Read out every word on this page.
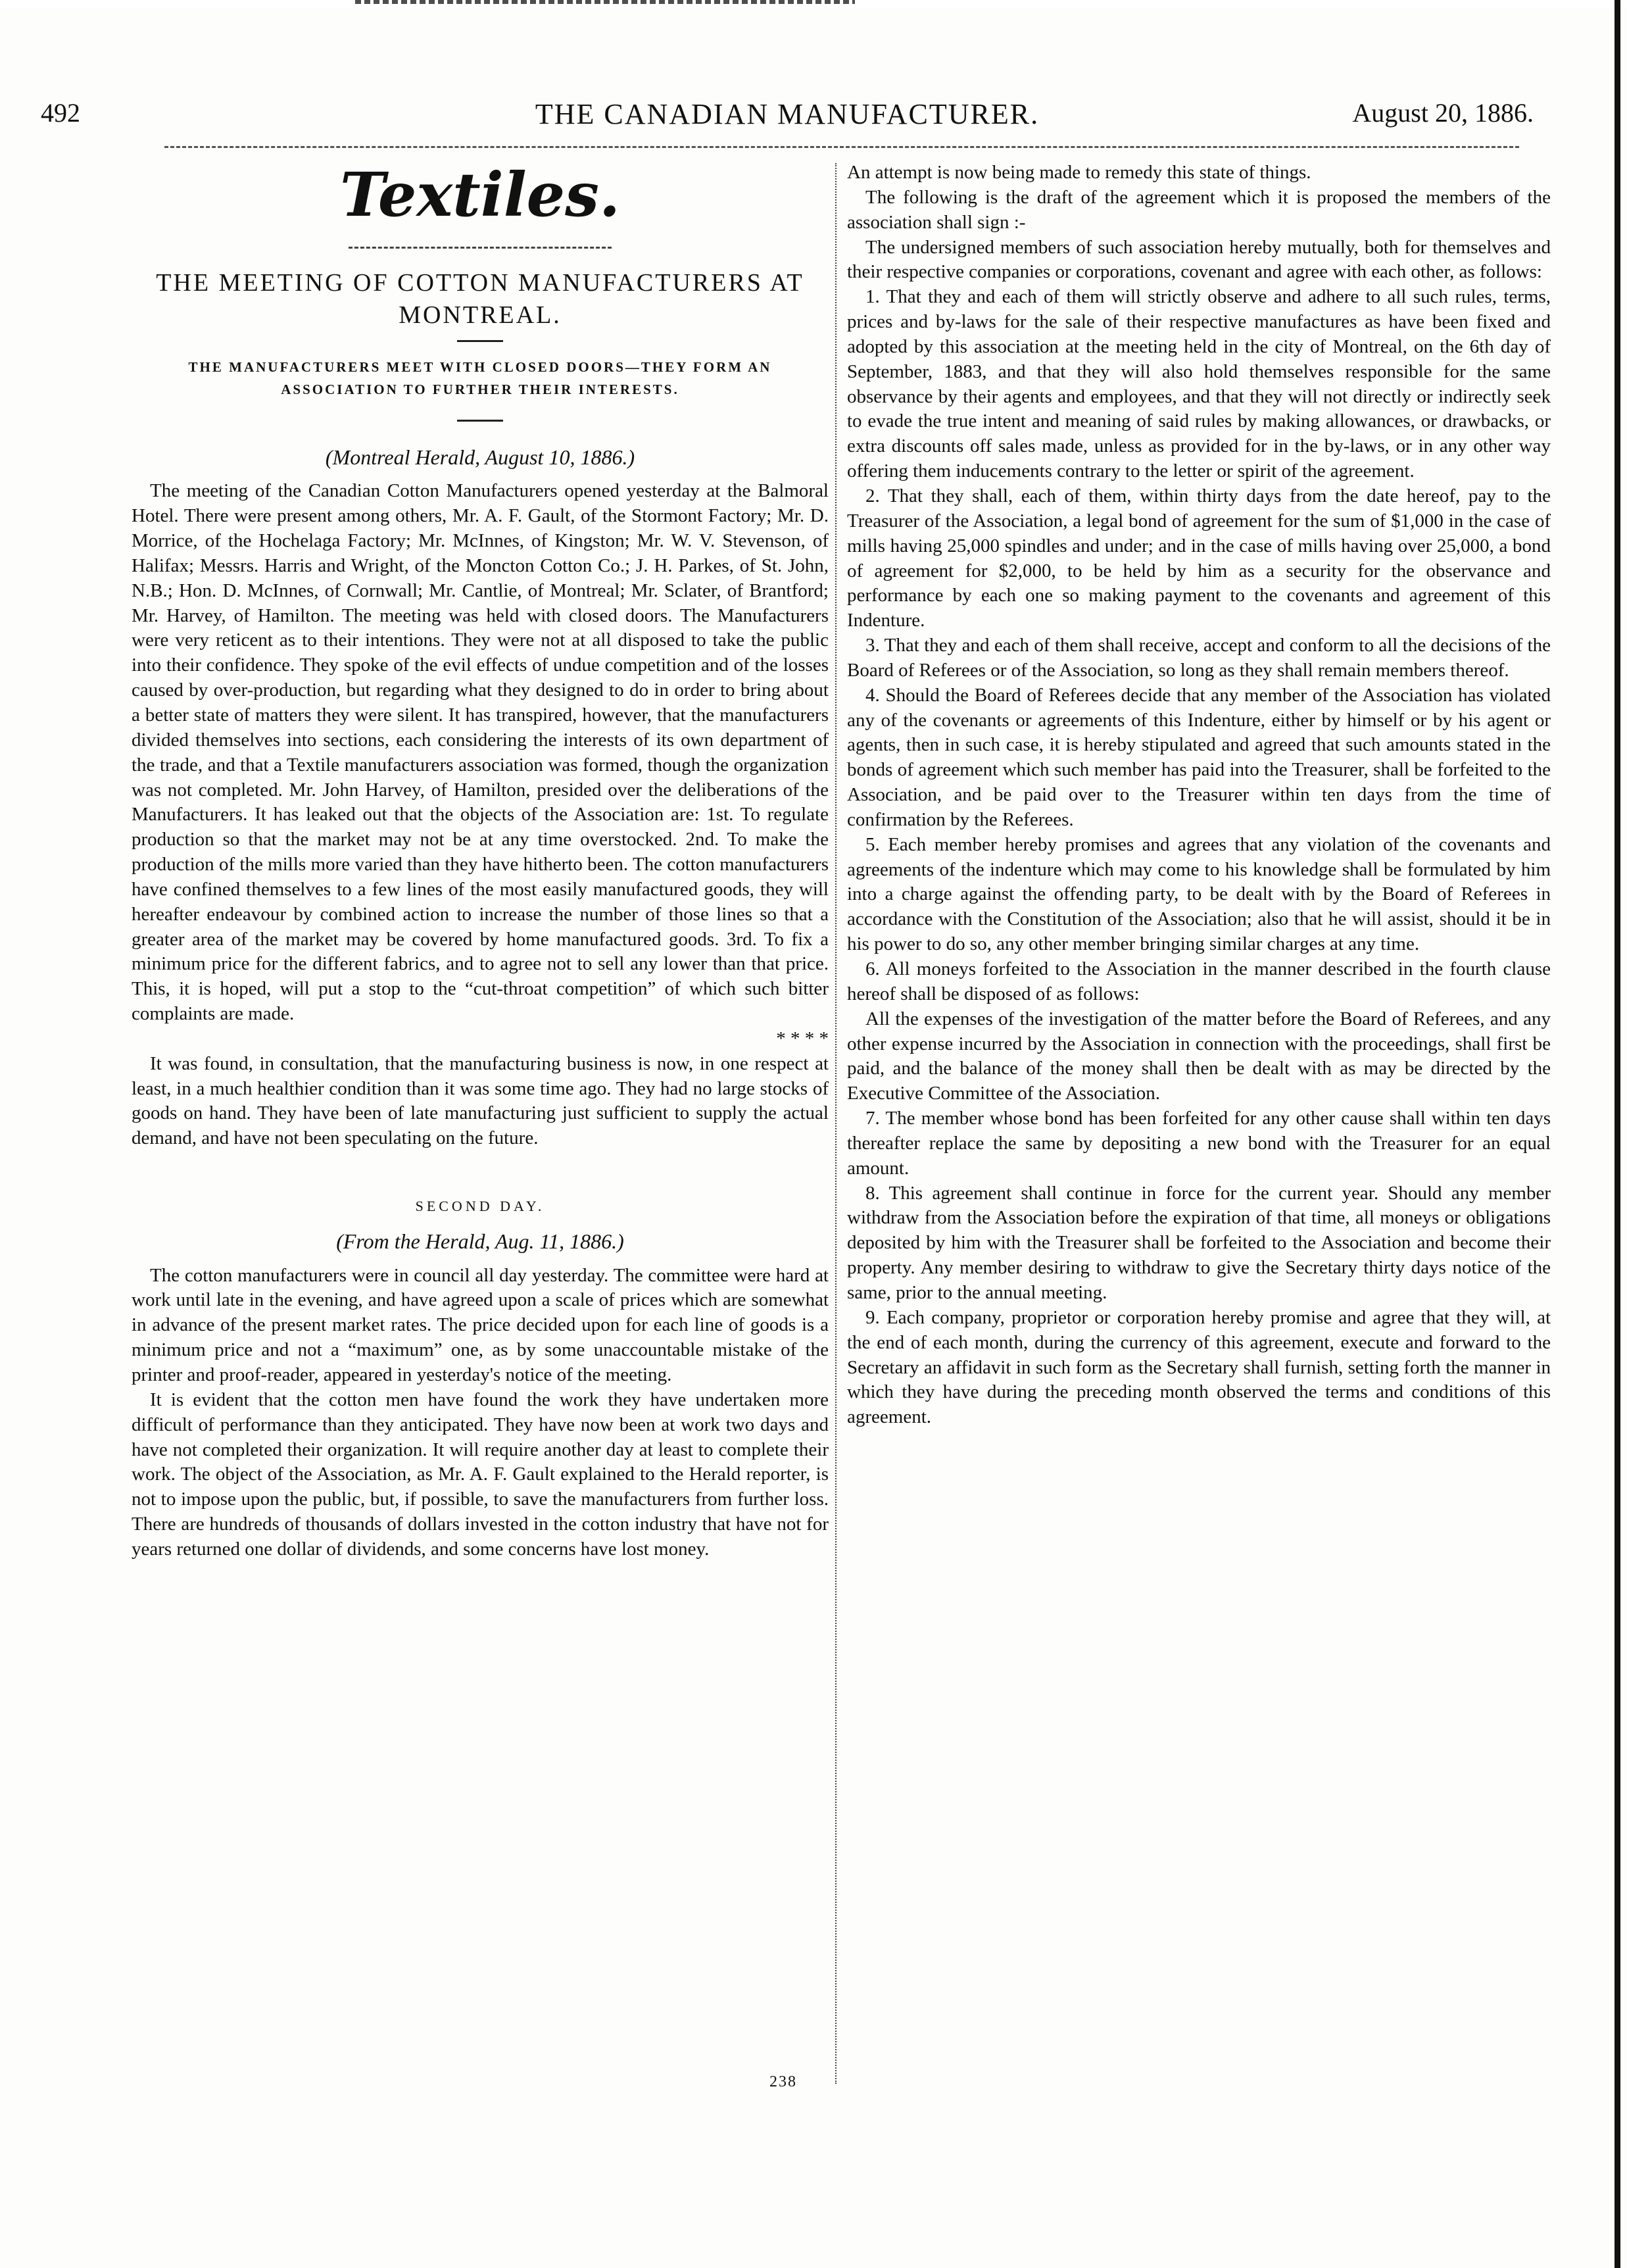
492	THE CANADIAN MANUFACTURER.	August 20, 1886.
Textiles.
THE MEETING OF COTTON MANUFACTURERS AT MONTREAL.
THE MANUFACTURERS MEET WITH CLOSED DOORS—THEY FORM AN ASSOCIATION TO FURTHER THEIR INTERESTS.
(Montreal Herald, August 10, 1886.)

The meeting of the Canadian Cotton Manufacturers opened yesterday at the Balmoral Hotel. There were present among others, Mr. A. F. Gault, of the Stormont Factory; Mr. D. Morrice, of the Hochelaga Factory; Mr. McInnes, of Kingston; Mr. W. V. Stevenson, of Halifax; Messrs. Harris and Wright, of the Moncton Cotton Co.; J. H. Parkes, of St. John, N.B.; Hon. D. McInnes, of Cornwall; Mr. Cantlie, of Montreal; Mr. Sclater, of Brantford; Mr. Harvey, of Hamilton. The meeting was held with closed doors. The Manufacturers were very reticent as to their intentions. They were not at all disposed to take the public into their confidence. They spoke of the evil effects of undue competition and of the losses caused by over-production, but regarding what they designed to do in order to bring about a better state of matters they were silent. It has transpired, however, that the manufacturers divided themselves into sections, each considering the interests of its own department of the trade, and that a Textile manufacturers association was formed, though the organization was not completed. Mr. John Harvey, of Hamilton, presided over the deliberations of the Manufacturers. It has leaked out that the objects of the Association are: 1st. To regulate production so that the market may not be at any time overstocked. 2nd. To make the production of the mills more varied than they have hitherto been. The cotton manufacturers have confined themselves to a few lines of the most easily manufactured goods, they will hereafter endeavour by combined action to increase the number of those lines so that a greater area of the market may be covered by home manufactured goods. 3rd. To fix a minimum price for the different fabrics, and to agree not to sell any lower than that price. This, it is hoped, will put a stop to the “cut-throat competition” of which such bitter complaints are made.

* * * *

It was found, in consultation, that the manufacturing business is now, in one respect at least, in a much healthier condition than it was some time ago. They had no large stocks of goods on hand. They have been of late manufacturing just sufficient to supply the actual demand, and have not been speculating on the future.

SECOND DAY.
(From the Herald, Aug. 11, 1886.)

The cotton manufacturers were in council all day yesterday. The committee were hard at work until late in the evening, and have agreed upon a scale of prices which are somewhat in advance of the present market rates. The price decided upon for each line of goods is a minimum price and not a “maximum” one, as by some unaccountable mistake of the printer and proof-reader, appeared in yesterday's notice of the meeting.

It is evident that the cotton men have found the work they have undertaken more difficult of performance than they anticipated. They have now been at work two days and have not completed their organization. It will require another day at least to complete their work. The object of the Association, as Mr. A. F. Gault explained to the Herald reporter, is not to impose upon the public, but, if possible, to save the manufacturers from further loss. There are hundreds of thousands of dollars invested in the cotton industry that have not for years returned one dollar of dividends, and some concerns have lost money.

An attempt is now being made to remedy this state of things.

The following is the draft of the agreement which it is proposed the members of the association shall sign :-

The undersigned members of such association hereby mutually, both for themselves and their respective companies or corporations, covenant and agree with each other, as follows:

1. That they and each of them will strictly observe and adhere to all such rules, terms, prices and by-laws for the sale of their respective manufactures as have been fixed and adopted by this association at the meeting held in the city of Montreal, on the 6th day of September, 1883, and that they will also hold themselves responsible for the same observance by their agents and employees, and that they will not directly or indirectly seek to evade the true intent and meaning of said rules by making allowances, or drawbacks, or extra discounts off sales made, unless as provided for in the by-laws, or in any other way offering them inducements contrary to the letter or spirit of the agreement.

2. That they shall, each of them, within thirty days from the date hereof, pay to the Treasurer of the Association, a legal bond of agreement for the sum of $1,000 in the case of mills having 25,000 spindles and under; and in the case of mills having over 25,000, a bond of agreement for $2,000, to be held by him as a security for the observance and performance by each one so making payment to the covenants and agreement of this Indenture.

3. That they and each of them shall receive, accept and conform to all the decisions of the Board of Referees or of the Association, so long as they shall remain members thereof.

4. Should the Board of Referees decide that any member of the Association has violated any of the covenants or agreements of this Indenture, either by himself or by his agent or agents, then in such case, it is hereby stipulated and agreed that such amounts stated in the bonds of agreement which such member has paid into the Treasurer, shall be forfeited to the Association, and be paid over to the Treasurer within ten days from the time of confirmation by the Referees.

5. Each member hereby promises and agrees that any violation of the covenants and agreements of the indenture which may come to his knowledge shall be formulated by him into a charge against the offending party, to be dealt with by the Board of Referees in accordance with the Constitution of the Association; also that he will assist, should it be in his power to do so, any other member bringing similar charges at any time.

6. All moneys forfeited to the Association in the manner described in the fourth clause hereof shall be disposed of as follows:

All the expenses of the investigation of the matter before the Board of Referees, and any other expense incurred by the Association in connection with the proceedings, shall first be paid, and the balance of the money shall then be dealt with as may be directed by the Executive Committee of the Association.

7. The member whose bond has been forfeited for any other cause shall within ten days thereafter replace the same by depositing a new bond with the Treasurer for an equal amount.

8. This agreement shall continue in force for the current year. Should any member withdraw from the Association before the expiration of that time, all moneys or obligations deposited by him with the Treasurer shall be forfeited to the Association and become their property. Any member desiring to withdraw to give the Secretary thirty days notice of the same, prior to the annual meeting.

9. Each company, proprietor or corporation hereby promise and agree that they will, at the end of each month, during the currency of this agreement, execute and forward to the Secretary an affidavit in such form as the Secretary shall furnish, setting forth the manner in which they have during the preceding month observed the terms and conditions of this agreement.

238
